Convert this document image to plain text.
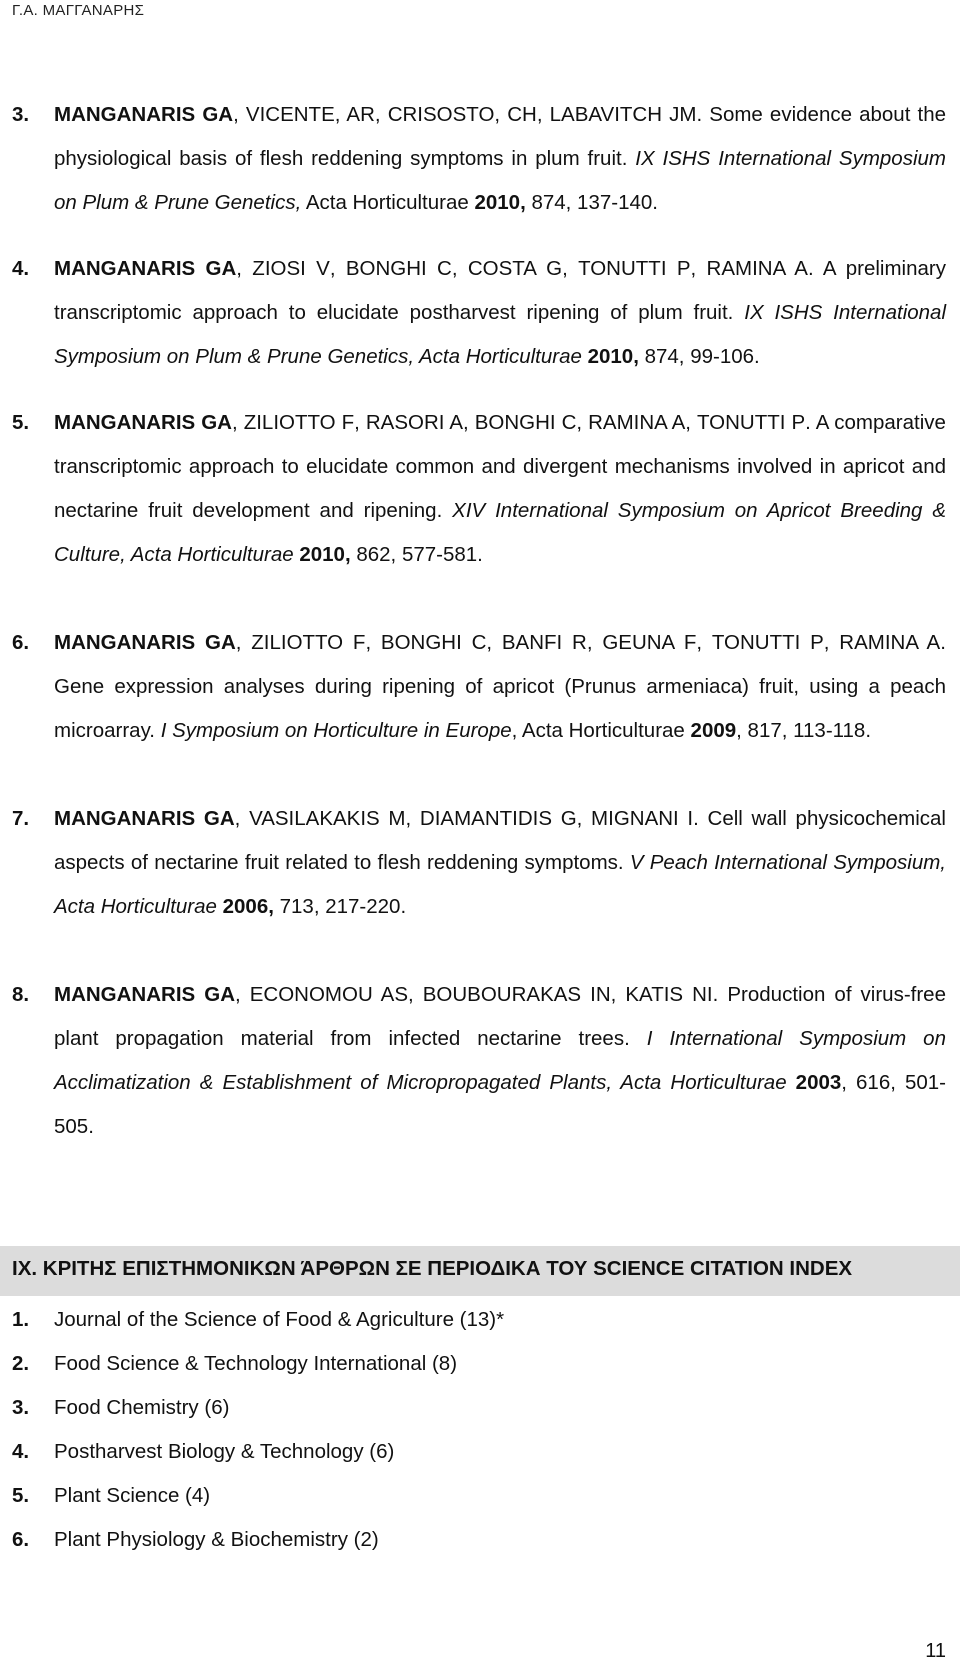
Γ.Α. ΜΑΓΓΑΝΑΡΗΣ
3.	MANGANARIS GA, VICENTE, AR, CRISOSTO, CH, LABAVITCH JM. Some evidence about the physiological basis of flesh reddening symptoms in plum fruit. IX ISHS International Symposium on Plum & Prune Genetics, Acta Horticulturae 2010, 874, 137-140.
4.	MANGANARIS GA, ZIOSI V, BONGHI C, COSTA G, TONUTTI P, RAMINA A. A preliminary transcriptomic approach to elucidate postharvest ripening of plum fruit. IX ISHS International Symposium on Plum & Prune Genetics, Acta Horticulturae 2010, 874, 99-106.
5.	MANGANARIS GA, ZILIOTTO F, RASORI A, BONGHI C, RAMINA A, TONUTTI P. A comparative transcriptomic approach to elucidate common and divergent mechanisms involved in apricot and nectarine fruit development and ripening. XIV International Symposium on Apricot Breeding & Culture, Acta Horticulturae 2010, 862, 577-581.
6.	MANGANARIS GA, ZILIOTTO F, BONGHI C, BANFI R, GEUNA F, TONUTTI P, RAMINA A. Gene expression analyses during ripening of apricot (Prunus armeniaca) fruit, using a peach microarray. I Symposium on Horticulture in Europe, Acta Horticulturae 2009, 817, 113-118.
7.	MANGANARIS GA, VASILAKAKIS M, DIAMANTIDIS G, MIGNANI I. Cell wall physicochemical aspects of nectarine fruit related to flesh reddening symptoms. V Peach International Symposium, Acta Horticulturae 2006, 713, 217-220.
8.	MANGANARIS GA, ECONOMOU AS, BOUBOURAKAS IN, KATIS NI. Production of virus-free plant propagation material from infected nectarine trees. I International Symposium on Acclimatization & Establishment of Micropropagated Plants, Acta Horticulturae 2003, 616, 501-505.
IX. ΚΡΙΤΗΣ ΕΠΙΣΤΗΜΟΝΙΚΩΝ ΆΡΘΡΩΝ ΣΕ ΠΕΡΙΟΔΙΚΑ ΤΟΥ SCIENCE CITATION INDEX
1.	Journal of the Science of Food & Agriculture (13)*
2.	Food Science & Technology International (8)
3.	Food Chemistry (6)
4.	Postharvest Biology & Technology (6)
5.	Plant Science (4)
6.	Plant Physiology & Biochemistry (2)
11
